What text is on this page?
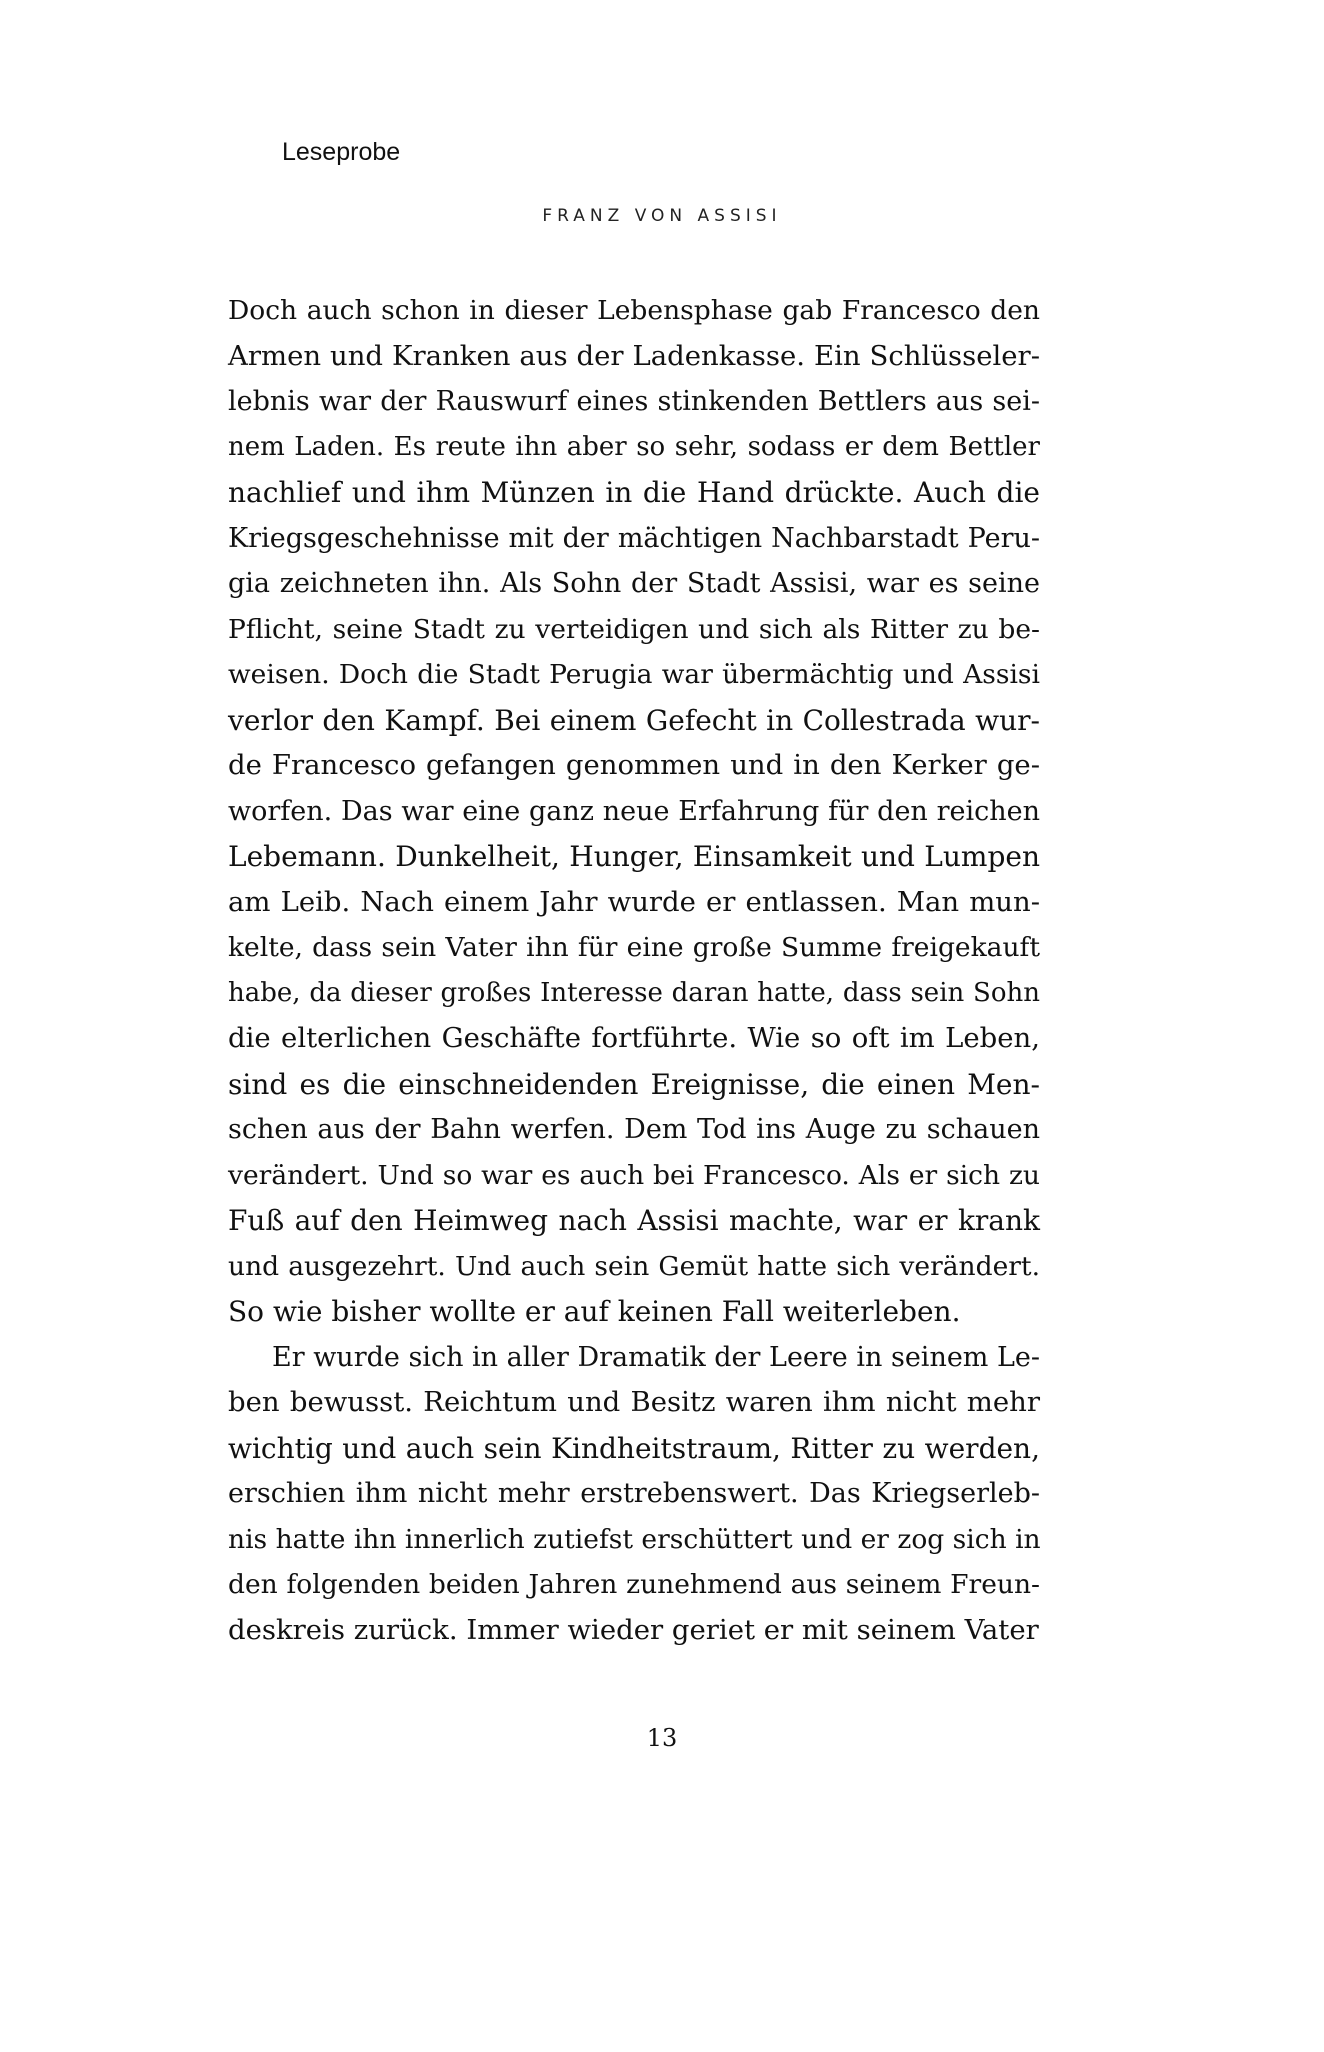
Leseprobe
FRANZ VON ASSISI
Doch auch schon in dieser Lebensphase gab Francesco den
Armen und Kranken aus der Ladenkasse. Ein Schlüsseler-
lebnis war der Rauswurf eines stinkenden Bettlers aus sei-
nem Laden. Es reute ihn aber so sehr, sodass er dem Bettler
nachlief und ihm Münzen in die Hand drückte. Auch die
Kriegsgeschehnisse mit der mächtigen Nachbarstadt Peru-
gia zeichneten ihn. Als Sohn der Stadt Assisi, war es seine
Pflicht, seine Stadt zu verteidigen und sich als Ritter zu be-
weisen. Doch die Stadt Perugia war übermächtig und Assisi
verlor den Kampf. Bei einem Gefecht in Collestrada wur-
de Francesco gefangen genommen und in den Kerker ge-
worfen. Das war eine ganz neue Erfahrung für den reichen
Lebemann. Dunkelheit, Hunger, Einsamkeit und Lumpen
am Leib. Nach einem Jahr wurde er entlassen. Man mun-
kelte, dass sein Vater ihn für eine große Summe freigekauft
habe, da dieser großes Interesse daran hatte, dass sein Sohn
die elterlichen Geschäfte fortführte. Wie so oft im Leben,
sind es die einschneidenden Ereignisse, die einen Men-
schen aus der Bahn werfen. Dem Tod ins Auge zu schauen
verändert. Und so war es auch bei Francesco. Als er sich zu
Fuß auf den Heimweg nach Assisi machte, war er krank
und ausgezehrt. Und auch sein Gemüt hatte sich verändert.
So wie bisher wollte er auf keinen Fall weiterleben.
Er wurde sich in aller Dramatik der Leere in seinem Le-
ben bewusst. Reichtum und Besitz waren ihm nicht mehr
wichtig und auch sein Kindheitstraum, Ritter zu werden,
erschien ihm nicht mehr erstrebenswert. Das Kriegserleb-
nis hatte ihn innerlich zutiefst erschüttert und er zog sich in
den folgenden beiden Jahren zunehmend aus seinem Freun-
deskreis zurück. Immer wieder geriet er mit seinem Vater
13
